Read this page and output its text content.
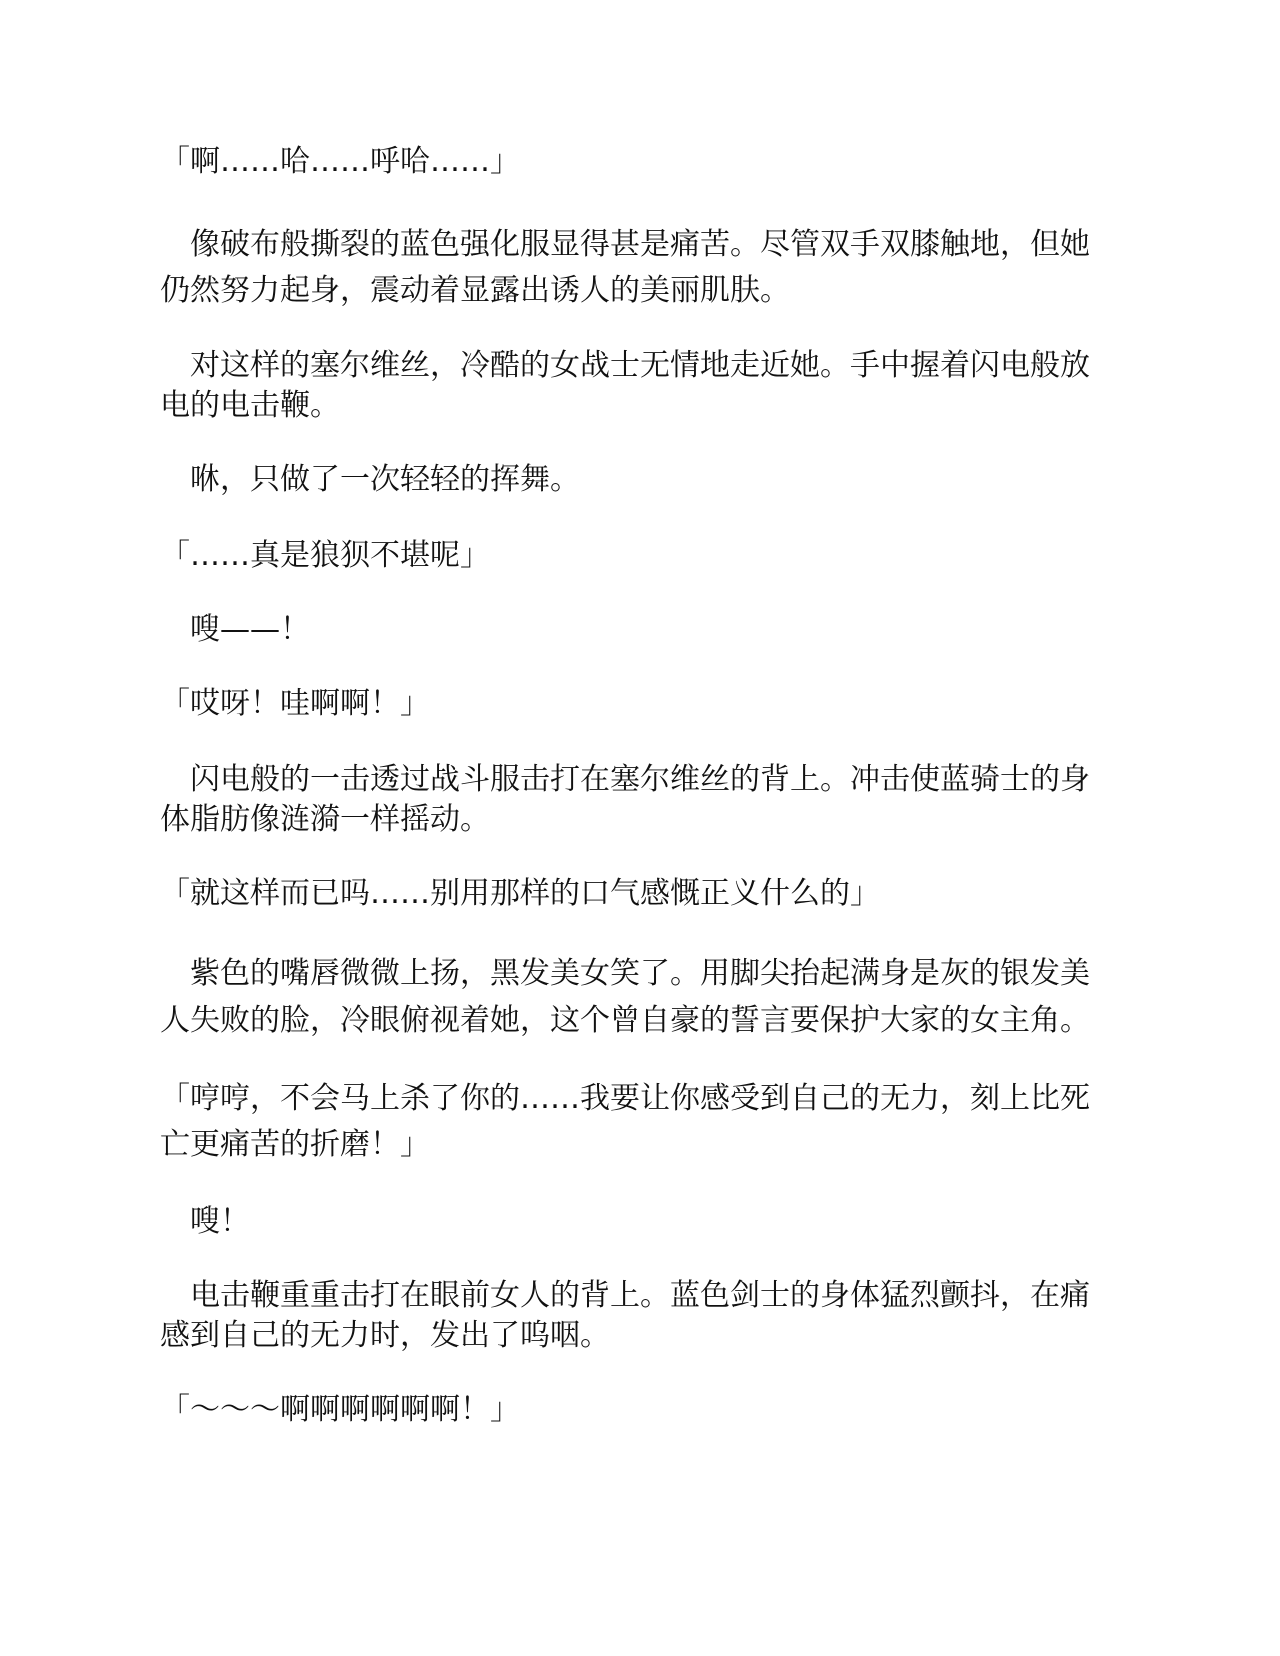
「啊……哈……呼哈……」

像破布般撕裂的蓝色强化服显得甚是痛苦。尽管双手双膝触地，但她仍然努力起身，震动着显露出诱人的美丽肌肤。

对这样的塞尔维丝，冷酷的女战士无情地走近她。手中握着闪电般放电的电击鞭。

咻，只做了一次轻轻的挥舞。

「……真是狼狈不堪呢」

嗖——！

「哎呀！哇啊啊！」

闪电般的一击透过战斗服击打在塞尔维丝的背上。冲击使蓝骑士的身体脂肪像涟漪一样摇动。

「就这样而已吗……别用那样的口气感慨正义什么的」

紫色的嘴唇微微上扬，黑发美女笑了。用脚尖抬起满身是灰的银发美人失败的脸，冷眼俯视着她，这个曾自豪的誓言要保护大家的女主角。

「哼哼，不会马上杀了你的……我要让你感受到自己的无力，刻上比死亡更痛苦的折磨！」

嗖！

电击鞭重重击打在眼前女人的背上。蓝色剑士的身体猛烈颤抖，在痛感到自己的无力时，发出了呜咽。

「～～～啊啊啊啊啊啊！」
